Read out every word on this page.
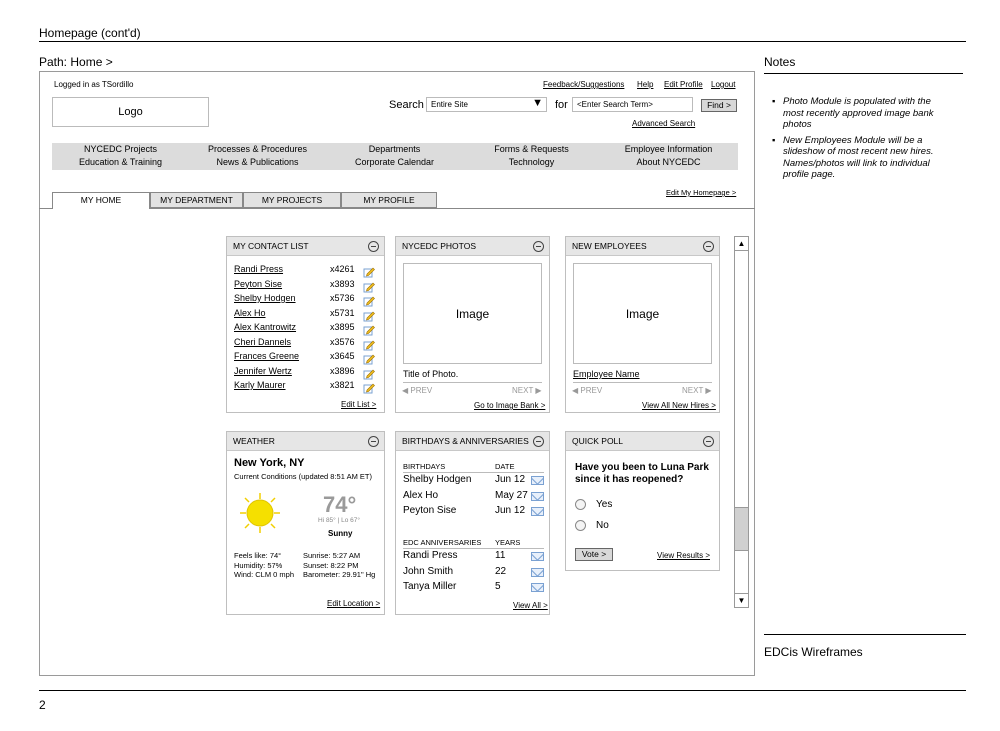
Homepage (cont'd)
Path: Home >	Notes
▪ Photo Module is populated with the most recently approved image bank photos
▪ New Employees Module will be a slideshow of most recent new hires. Names/photos will link to individual profile page.
EDCis Wireframes
2
Logged in as TSordillo	Feedback/Suggestions Help Edit Profile Logout
Logo
Search Entire Site	▼ for	<Enter Search Term>	Find >
Advanced Search
NYCEDC Projects	Processes & Procedures	Departments	Forms & Requests	Employee Information
Education & Training	News & Publications	Corporate Calendar	Technology	About NYCEDC
MY HOME	MY DEPARTMENT	MY PROJECTS	MY PROFILE
Edit My Homepage >
MY CONTACT LIST
Randi Press	x4261
Peyton Sise	x3893
Shelby Hodgen	x5736
Alex Ho	x5731
Alex Kantrowitz	x3895
Cheri Dannels	x3576
Frances Greene	x3645
Jennifer Wertz	x3896
Karly Maurer	x3821
Edit List >
NYCEDC PHOTOS
Image
Title of Photo.
◀ PREV	NEXT ▶
Go to Image Bank >
NEW EMPLOYEES
Image
Employee Name
◀ PREV	NEXT ▶
View All New Hires >
WEATHER
New York, NY
Current Conditions (updated 8:51 AM ET)
74°
Hi 85° | Lo 67°
Sunny
Feels like: 74°
Humidity: 57%
Wind: CLM 0 mph
Sunrise: 5:27 AM
Sunset: 8:22 PM
Barometer: 29.91" Hg
Edit Location >
BIRTHDAYS & ANNIVERSARIES
BIRTHDAYS	DATE
EDC ANNIVERSARIES YEARS
View All >
Shelby Hodgen Jun 12
Alex Ho	May 27
Peyton Sise	Jun 12
Randi Press	11
John Smith	22
Tanya Miller	5
QUICK POLL
Have you been to Luna Park
since it has reopened?
Yes
No
Vote >	View Results >
▲
▼
